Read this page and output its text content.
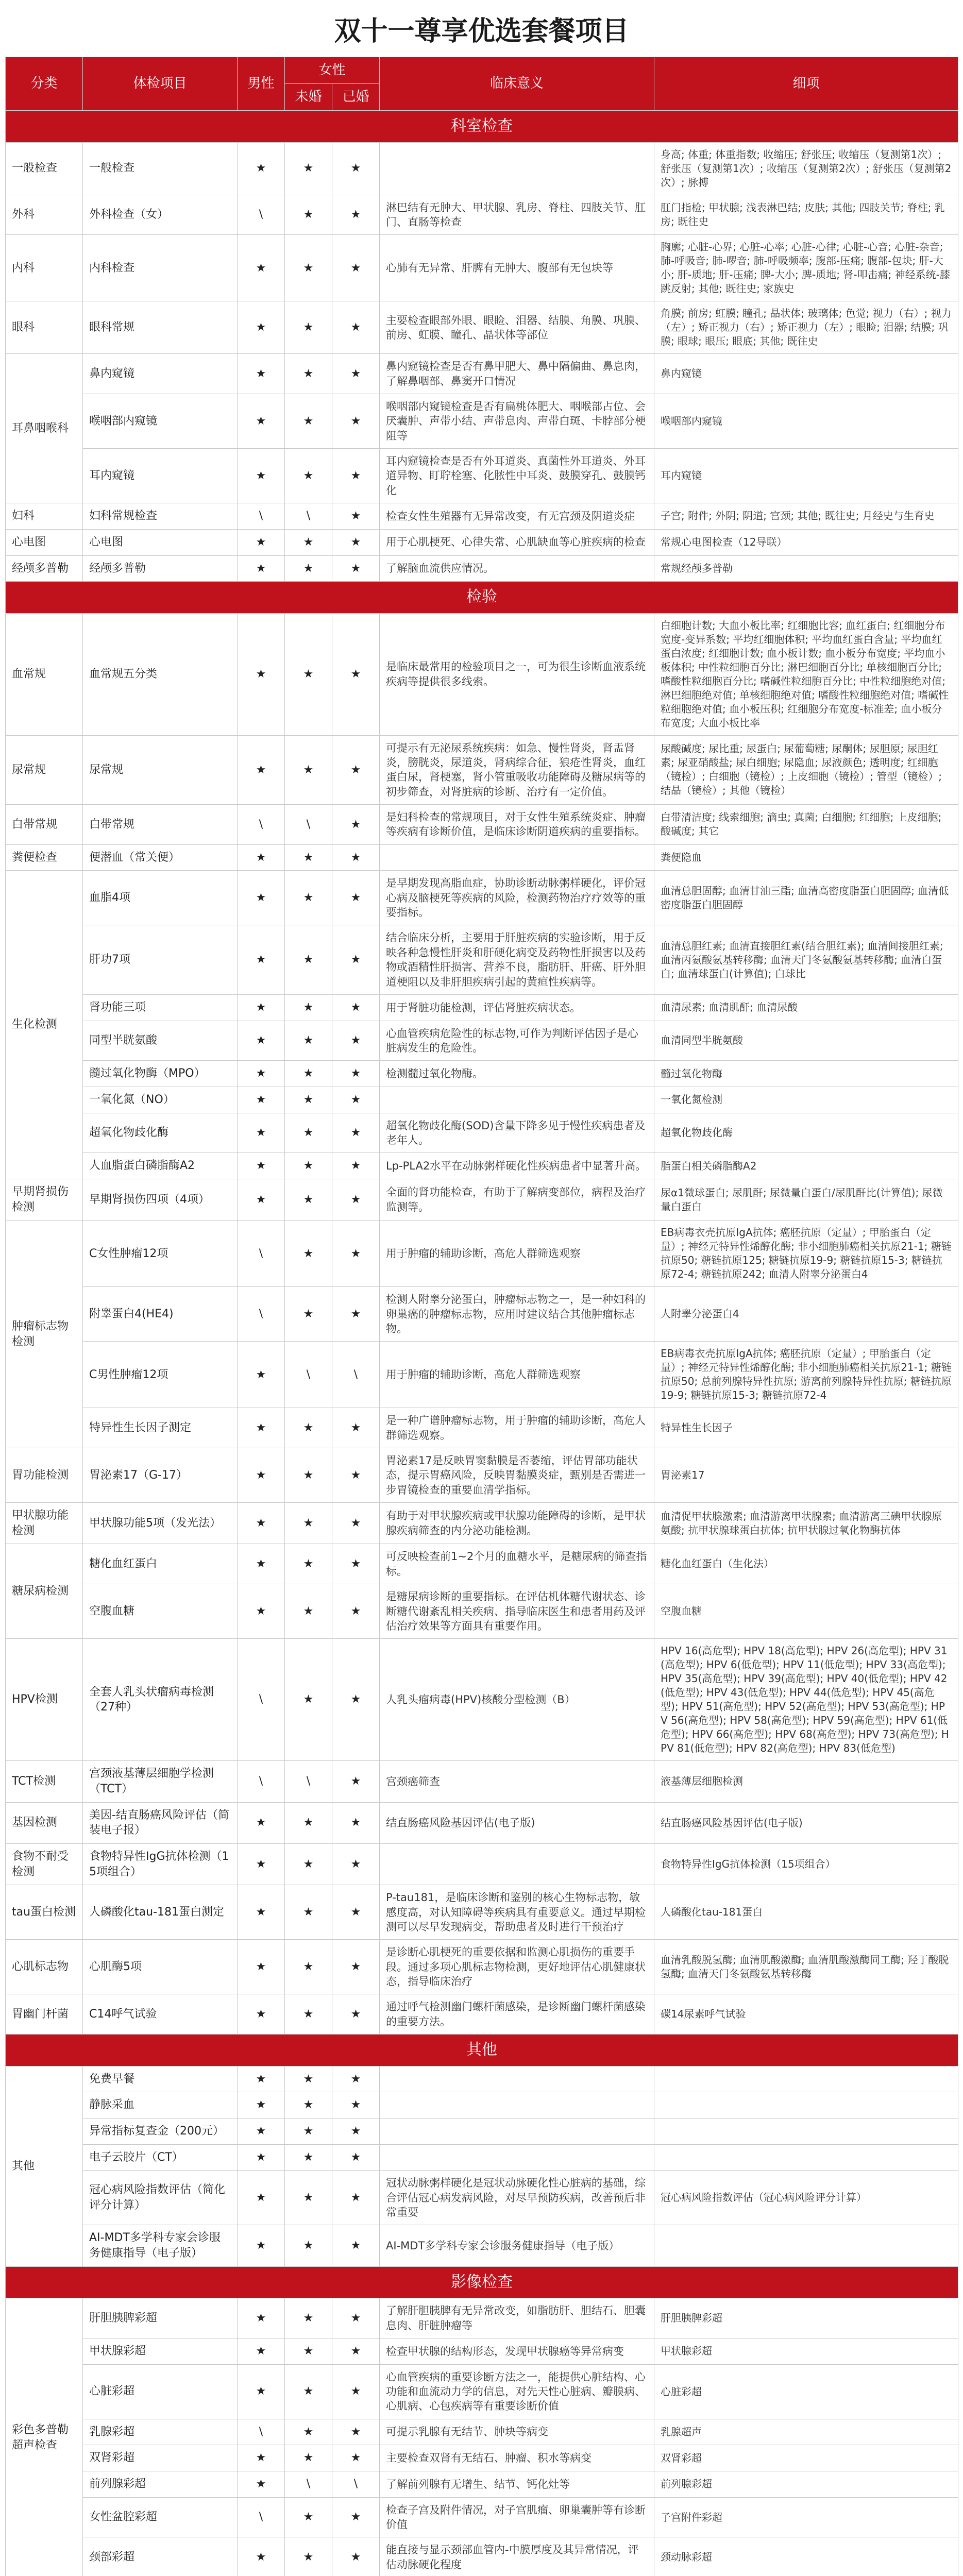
双十一尊享优选套餐项目
分类	体检项目	男性	女性		临床意义	细项
			未婚	已婚		
科室检查						
一般检查	一般检查	★	★	★		身高; 体重; 体重指数; 收缩压; 舒张压; 收缩压（复测第1次）; 舒张压（复测第1次）; 收缩压（复测第2次）; 舒张压（复测第2次）; 脉搏
外科	外科检查（女）	\	★	★	淋巴结有无肿大、甲状腺、乳房、脊柱、四肢关节、肛门、直肠等检查	肛门指检; 甲状腺; 浅表淋巴结; 皮肤; 其他; 四肢关节; 脊柱; 乳房; 既往史
内科	内科检查	★	★	★	心肺有无异常、肝脾有无肿大、腹部有无包块等	胸廓; 心脏-心界; 心脏-心率; 心脏-心律; 心脏-心音; 心脏-杂音; 肺-呼吸音; 肺-啰音; 肺-呼吸频率; 腹部-压痛; 腹部-包块; 肝-大小; 肝-质地; 肝-压痛; 脾-大小; 脾-质地; 肾-叩击痛; 神经系统-膝跳反射; 其他; 既往史; 家族史
眼科	眼科常规	★	★	★	主要检查眼部外眼、眼睑、泪器、结膜、角膜、巩膜、前房、虹膜、瞳孔、晶状体等部位	角膜; 前房; 虹膜; 瞳孔; 晶状体; 玻璃体; 色觉; 视力（右）; 视力（左）; 矫正视力（右）; 矫正视力（左）; 眼睑; 泪器; 结膜; 巩膜; 眼球; 眼压; 眼底; 其他; 既往史
耳鼻咽喉科	鼻内窥镜	★	★	★	鼻内窥镜检查是否有鼻甲肥大、鼻中隔偏曲、鼻息肉，了解鼻咽部、鼻窦开口情况	鼻内窥镜
	喉咽部内窥镜	★	★	★	喉咽部内窥镜检查是否有扁桃体肥大、咽喉部占位、会厌囊肿、声带小结、声带息肉、声带白斑、卡脖部分梗阻等	喉咽部内窥镜
	耳内窥镜	★	★	★	耳内窥镜检查是否有外耳道炎、真菌性外耳道炎、外耳道异物、盯聍栓塞、化脓性中耳炎、鼓膜穿孔、鼓膜钙化	耳内窥镜
妇科	妇科常规检查	\	\	★	检查女性生殖器有无异常改变，有无宫颈及阴道炎症	子宫; 附件; 外阴; 阴道; 宫颈; 其他; 既往史; 月经史与生育史
心电图	心电图	★	★	★	用于心肌梗死、心律失常、心肌缺血等心脏疾病的检查	常规心电图检查（12导联）
经颅多普勒	经颅多普勒	★	★	★	了解脑血流供应情况。	常规经颅多普勒
检验						
血常规	血常规五分类	★	★	★	是临床最常用的检验项目之一，可为很生诊断血液系统疾病等提供很多线索。	白细胞计数; 大血小板比率; 红细胞比容; 血红蛋白; 红细胞分布宽度-变异系数; 平均红细胞体积; 平均血红蛋白含量; 平均血红蛋白浓度; 红细胞计数; 血小板计数; 血小板分布宽度; 平均血小板体积; 中性粒细胞百分比; 淋巴细胞百分比; 单核细胞百分比; 嗜酸性粒细胞百分比; 嗜碱性粒细胞百分比; 中性粒细胞绝对值; 淋巴细胞绝对值; 单核细胞绝对值; 嗜酸性粒细胞绝对值; 嗜碱性粒细胞绝对值; 血小板压积; 红细胞分布宽度-标准差; 血小板分布宽度; 大血小板比率
尿常规	尿常规	★	★	★	可提示有无泌尿系统疾病：如急、慢性肾炎，肾盂肾炎，膀胱炎，尿道炎，肾病综合征，狼疮性肾炎，血红蛋白尿，肾梗塞，肾小管重吸收功能障碍及糖尿病等的初步筛查，对肾脏病的诊断、治疗有一定价值。	尿酸碱度; 尿比重; 尿蛋白; 尿葡萄糖; 尿酮体; 尿胆原; 尿胆红素; 尿亚硝酸盐; 尿白细胞; 尿隐血; 尿液颜色; 透明度; 红细胞（镜检）; 白细胞（镜检）; 上皮细胞（镜检）; 管型（镜检）; 结晶（镜检）; 其他（镜检）
白带常规	白带常规	\	\	★	是妇科检查的常规项目，对于女性生殖系统炎症、肿瘤等疾病有诊断价值，是临床诊断阴道疾病的重要指标。	白带清洁度; 线索细胞; 滴虫; 真菌; 白细胞; 红细胞; 上皮细胞; 酸碱度; 其它
粪便检查	便潜血（常关便）	★	★	★		粪便隐血
生化检测	血脂4项	★	★	★	是早期发现高脂血症，协助诊断动脉粥样硬化，评价冠心病及脑梗死等疾病的风险，检测药物治疗疗效等的重要指标。	血清总胆固醇; 血清甘油三酯; 血清高密度脂蛋白胆固醇; 血清低密度脂蛋白胆固醇
	肝功7项	★	★	★	结合临床分析，主要用于肝脏疾病的实验诊断，用于反映各种急慢性肝炎和肝硬化病变及药物性肝损害以及药物或酒精性肝损害、营养不良，脂肪肝、肝癌、肝外胆道梗阻以及非肝胆疾病引起的黄疸性疾病等。	血清总胆红素; 血清直接胆红素(结合胆红素); 血清间接胆红素; 血清丙氨酸氨基转移酶; 血清天门冬氨酸氨基转移酶; 血清白蛋白; 血清球蛋白(计算值); 白球比
	肾功能三项	★	★	★	用于肾脏功能检测，评估肾脏疾病状态。	血清尿素; 血清肌酐; 血清尿酸
	同型半胱氨酸	★	★	★	心血管疾病危险性的标志物,可作为判断评估因子是心脏病发生的危险性。	血清同型半胱氨酸
	髓过氧化物酶（MPO）	★	★	★	检测髓过氧化物酶。	髓过氧化物酶
	一氧化氮（NO）	★	★	★		一氧化氮检测
	超氧化物歧化酶	★	★	★	超氧化物歧化酶(SOD)含量下降多见于慢性疾病患者及老年人。	超氧化物歧化酶
	人血脂蛋白磷脂酶A2	★	★	★	Lp-PLA2水平在动脉粥样硬化性疾病患者中显著升高。	脂蛋白相关磷脂酶A2
早期肾损伤检测	早期肾损伤四项（4项）	★	★	★	全面的肾功能检查，有助于了解病变部位，病程及治疗监测等。	尿α1微球蛋白; 尿肌酐; 尿微量白蛋白/尿肌酐比(计算值); 尿微量白蛋白
肿瘤标志物检测	C女性肿瘤12项	\	★	★	用于肿瘤的辅助诊断，高危人群筛选观察	EB病毒衣壳抗原IgA抗体; 癌胚抗原（定量）; 甲胎蛋白（定量）; 神经元特异性烯醇化酶; 非小细胞肺癌相关抗原21-1; 糖链抗原50; 糖链抗原125; 糖链抗原19-9; 糖链抗原15-3; 糖链抗原72-4; 糖链抗原242; 血清人附睾分泌蛋白4
	附睾蛋白4(HE4)	\	★	★	检测人附睾分泌蛋白，肿瘤标志物之一，是一种妇科的卵巢癌的肿瘤标志物，应用时建议结合其他肿瘤标志物。	人附睾分泌蛋白4
	C男性肿瘤12项	★	\	\	用于肿瘤的辅助诊断，高危人群筛选观察	EB病毒衣壳抗原IgA抗体; 癌胚抗原（定量）; 甲胎蛋白（定量）; 神经元特异性烯醇化酶; 非小细胞肺癌相关抗原21-1; 糖链抗原50; 总前列腺特异性抗原; 游离前列腺特异性抗原; 糖链抗原19-9; 糖链抗原15-3; 糖链抗原72-4
	特异性生长因子测定	★	★	★	是一种广谱肿瘤标志物，用于肿瘤的辅助诊断，高危人群筛选观察。	特异性生长因子
胃功能检测	胃泌素17（G-17）	★	★	★	胃泌素17是反映胃窦黏膜是否萎缩，评估胃部功能状态，提示胃癌风险，反映胃黏膜炎症，甄别是否需进一步胃镜检查的重要血清学指标。	胃泌素17
甲状腺功能检测	甲状腺功能5项（发光法）	★	★	★	有助于对甲状腺疾病或甲状腺功能障碍的诊断，是甲状腺疾病筛查的内分泌功能检测。	血清促甲状腺激素; 血清游离甲状腺素; 血清游离三碘甲状腺原氨酸; 抗甲状腺球蛋白抗体; 抗甲状腺过氧化物酶抗体
糖尿病检测	糖化血红蛋白	★	★	★	可反映检查前1~2个月的血糖水平，是糖尿病的筛查指标。	糖化血红蛋白（生化法）
	空腹血糖	★	★	★	是糖尿病诊断的重要指标。在评估机体糖代谢状态、诊断糖代谢紊乱相关疾病、指导临床医生和患者用药及评估治疗效果等方面具有重要作用。	空腹血糖
HPV检测	全套人乳头状瘤病毒检测（27种）	\	★	★	人乳头瘤病毒(HPV)核酸分型检测（B）	HPV 16(高危型); HPV 18(高危型); HPV 26(高危型); HPV 31(高危型); HPV 6(低危型); HPV 11(低危型); HPV 33(高危型); HPV 35(高危型); HPV 39(高危型); HPV 40(低危型); HPV 42(低危型); HPV 43(低危型); HPV 44(低危型); HPV 45(高危型); HPV 51(高危型); HPV 52(高危型); HPV 53(高危型); HPV 56(高危型); HPV 58(高危型); HPV 59(高危型); HPV 61(低危型); HPV 66(高危型); HPV 68(高危型); HPV 73(高危型); HPV 81(低危型); HPV 82(高危型); HPV 83(低危型)
TCT检测	宫颈液基薄层细胞学检测（TCT）	\	\	★	宫颈癌筛查	液基薄层细胞检测
基因检测	美因-结直肠癌风险评估（简装电子报）	★	★	★	结直肠癌风险基因评估(电子版)	结直肠癌风险基因评估(电子版)
食物不耐受检测	食物特异性IgG抗体检测（15项组合）	★	★	★		食物特异性IgG抗体检测（15项组合）
tau蛋白检测	人磷酸化tau-181蛋白测定	★	★	★	P-tau181，是临床诊断和鉴别的核心生物标志物，敏感度高，对认知障碍等疾病具有重要意义。通过早期检测可以尽早发现病变，帮助患者及时进行干预治疗	人磷酸化tau-181蛋白
心肌标志物	心肌酶5项	★	★	★	是诊断心肌梗死的重要依据和监测心肌损伤的重要手段。通过多项心肌标志物检测，更好地评估心肌健康状态，指导临床治疗	血清乳酸脱氢酶; 血清肌酸激酶; 血清肌酸激酶同工酶; 羟丁酸脱氢酶; 血清天门冬氨酸氨基转移酶
胃幽门杆菌	C14呼气试验	★	★	★	通过呼气检测幽门螺杆菌感染，是诊断幽门螺杆菌感染的重要方法。	碳14尿素呼气试验
其他						
其他	免费早餐	★	★	★		
	静脉采血	★	★	★		
	异常指标复查金（200元）	★	★	★		
	电子云胶片（CT）	★	★	★		
	冠心病风险指数评估（简化评分计算）	★	★	★	冠状动脉粥样硬化是冠状动脉硬化性心脏病的基础，综合评估冠心病发病风险，对尽早预防疾病，改善预后非常重要	冠心病风险指数评估（冠心病风险评分计算）
	AI-MDT多学科专家会诊服务健康指导（电子版）	★	★	★	AI-MDT多学科专家会诊服务健康指导（电子版）	
影像检查						
彩色多普勒超声检查	肝胆胰脾彩超	★	★	★	了解肝胆胰脾有无异常改变，如脂肪肝、胆结石、胆囊息肉、肝脏肿瘤等	肝胆胰脾彩超
	甲状腺彩超	★	★	★	检查甲状腺的结构形态，发现甲状腺癌等异常病变	甲状腺彩超
	心脏彩超	★	★	★	心血管疾病的重要诊断方法之一，能提供心脏结构、心功能和血流动力学的信息，对先天性心脏病、瓣膜病、心肌病、心包疾病等有重要诊断价值	心脏彩超
	乳腺彩超	\	★	★	可提示乳腺有无结节、肿块等病变	乳腺超声
	双肾彩超	★	★	★	主要检查双肾有无结石、肿瘤、积水等病变	双肾彩超
	前列腺彩超	★	\	\	了解前列腺有无增生、结节、钙化灶等	前列腺彩超
	女性盆腔彩超	\	★	★	检查子宫及附件情况，对子宫肌瘤、卵巢囊肿等有诊断价值	子宫附件彩超
	颈部彩超	★	★	★	能直接与显示颈部血管内-中膜厚度及其异常情况，评估动脉硬化程度	颈动脉彩超
